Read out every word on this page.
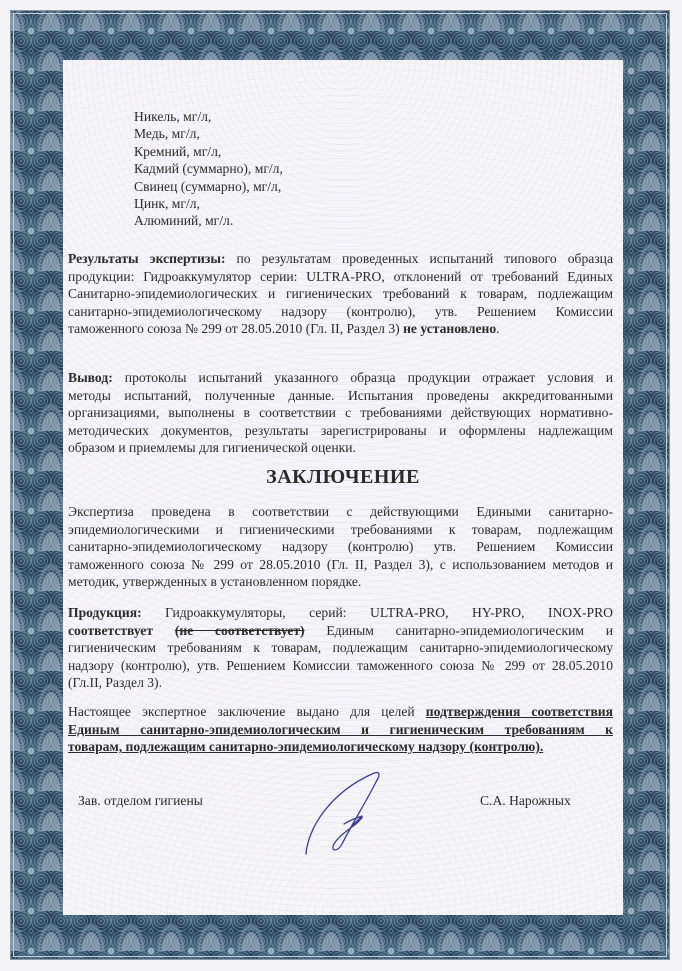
Никель, мг/л,
Медь, мг/л,
Кремний, мг/л,
Кадмий (суммарно), мг/л,
Свинец (суммарно), мг/л,
Цинк, мг/л,
Алюминий, мг/л.
Результаты экспертизы: по результатам проведенных испытаний типового образца
продукции: Гидроаккумулятор серии: ULTRA-PRO, отклонений от требований Единых
Санитарно-эпидемиологических и гигиенических требований к товарам, подлежащим
санитарно-эпидемиологическому надзору (контролю), утв. Решением Комиссии
таможенного союза № 299 от 28.05.2010 (Гл. II, Раздел 3) не установлено.
Вывод: протоколы испытаний указанного образца продукции отражает условия и
методы испытаний, полученные данные. Испытания проведены аккредитованными
организациями, выполнены в соответствии с требованиями действующих нормативно-
методических документов, результаты зарегистрированы и оформлены надлежащим
образом и приемлемы для гигиенической оценки.
ЗАКЛЮЧЕНИЕ
Экспертиза проведена в соответствии с действующими Едиными санитарно-
эпидемиологическими и гигиеническими требованиями к товарам, подлежащим
санитарно-эпидемиологическому надзору (контролю) утв. Решением Комиссии
таможенного союза № 299 от 28.05.2010 (Гл. II, Раздел 3), с использованием методов и
методик, утвержденных в установленном порядке.
Продукция: Гидроаккумуляторы, серий: ULTRA-PRO, HY-PRO, INOX-PRO
соответствует (не соответствует) Единым санитарно-эпидемиологическим и
гигиеническим требованиям к товарам, подлежащим санитарно-эпидемиологическому
надзору (контролю), утв. Решением Комиссии таможенного союза № 299 от 28.05.2010
(Гл.II, Раздел 3).
Настоящее экспертное заключение выдано для целей подтверждения соответствия
Единым санитарно-эпидемиологическим и гигиеническим требованиям к
товарам, подлежащим санитарно-эпидемиологическому надзору (контролю).
Зав. отделом гигиены	С.А. Нарожных
